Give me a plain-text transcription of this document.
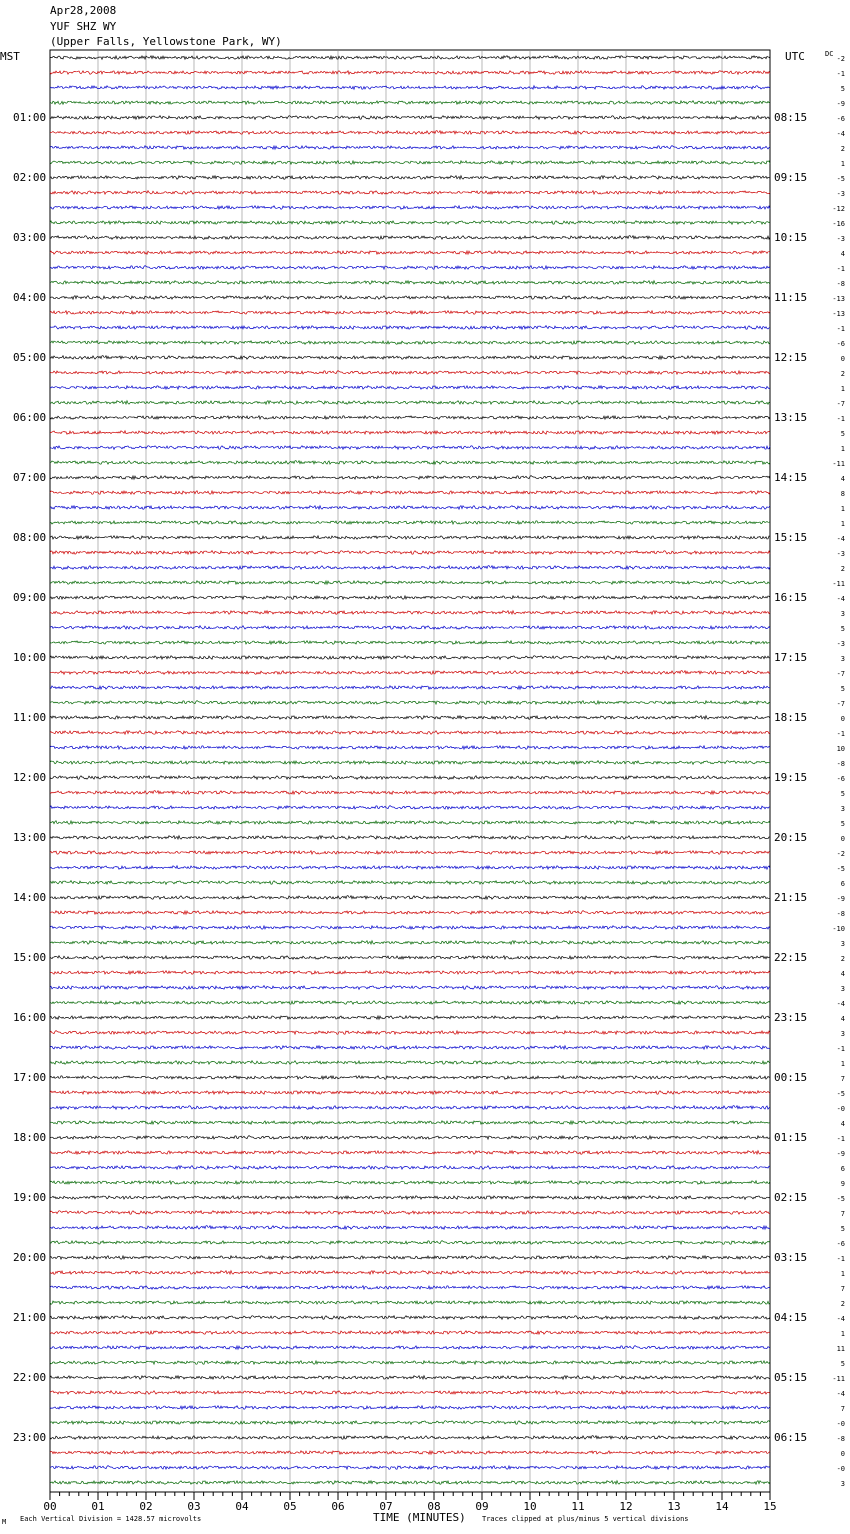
Apr28,2008
YUF SHZ WY
(Upper Falls, Yellowstone Park, WY)
MST	UTC	DC
00	01	02	03	04	05	06	07	08	09	10	11	12	13	14	15
01:00
02:00
03:00
04:00
05:00
06:00
07:00
08:00
09:00
10:00
11:00
12:00
13:00
14:00
15:00
16:00
17:00
18:00
19:00
20:00
21:00
22:00
23:00
08:15
09:15
10:15
11:15
12:15
13:15
14:15
15:15
16:15
17:15
18:15
19:15
20:15
21:15
22:15
23:15
00:15
01:15
02:15
03:15
04:15
05:15
06:15
-2
-1
5
-9
-6
-4
2
1
-5
-3
-12
-16
-3
4
-1
-8
-13
-13
-1
-6
0
2
1
-7
-1
5
1
-11
4
8
1
1
-4
-3
2
-11
-4
3
5
-3
3
-7
5
-7
0
-1
10
-8
-6
5
3
5
0
-2
-5
6
-9
-8
-10
3
2
4
3
-4
4
3
-1
1
7
-5
-0
4
-1
-9
6
9
-5
7
5
-6
-1
1
7
2
-4
1
11
5
-11
-4
7
-0
-8
0
-0
3
M Each Vertical Division = 1428.57 microvolts	TIME (MINUTES) Traces clipped at plus/minus 5 vertical divisions
